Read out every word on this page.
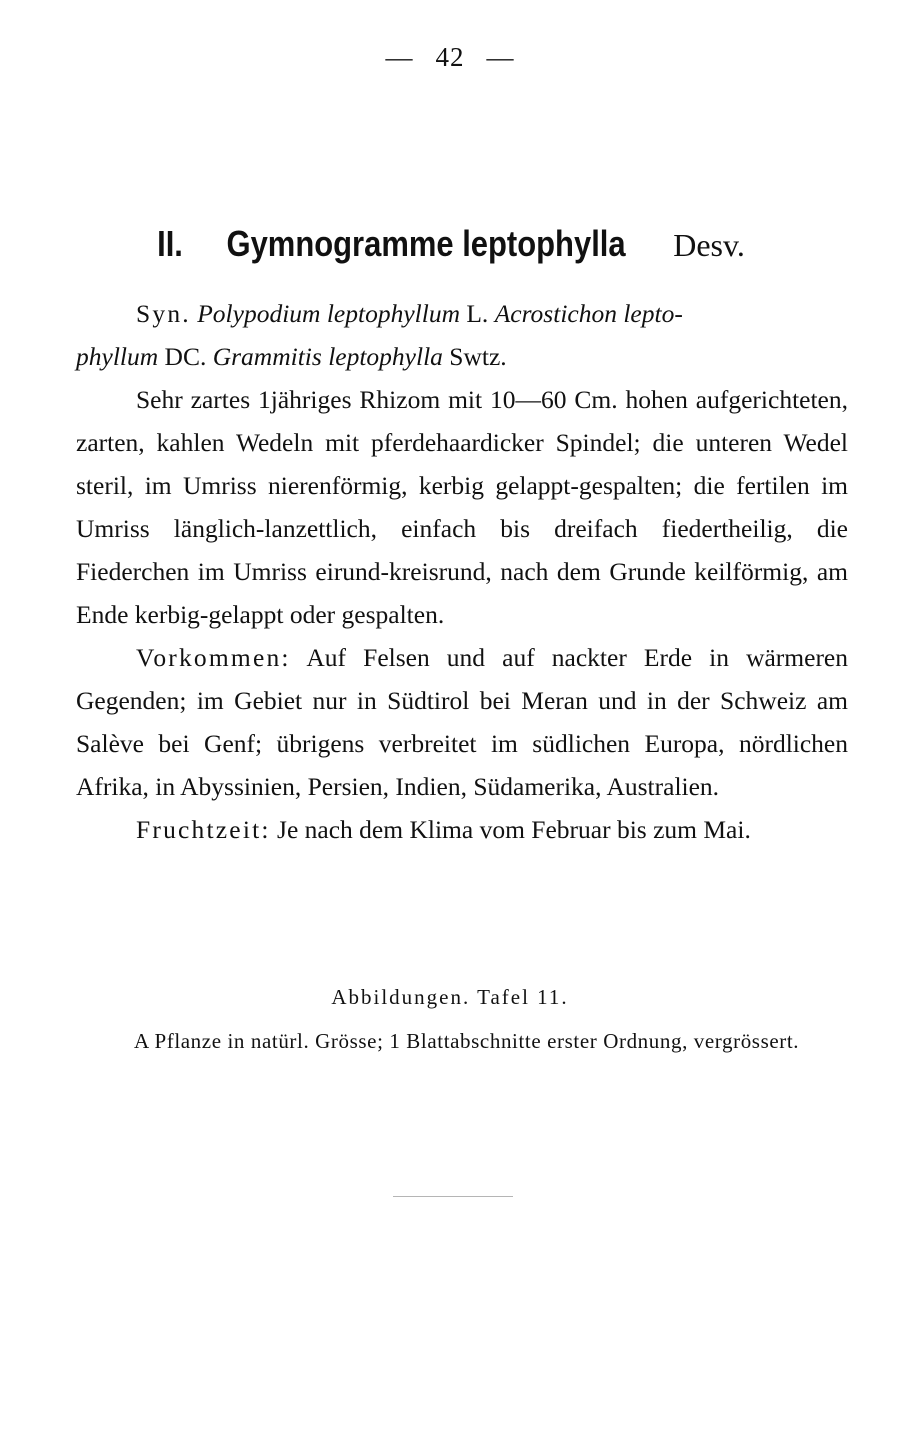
— 42 —
II. Gymnogramme leptophylla Desv.

Syn. Polypodium leptophyllum L. Acrostichon lepto-
phyllum DC. Grammitis leptophylla Swtz.

Sehr zartes 1jähriges Rhizom mit 10—60 Cm. hohen aufgerichteten, zarten, kahlen Wedeln mit pferdehaardicker Spindel; die unteren Wedel steril, im Umriss nierenförmig, kerbig gelappt-gespalten; die fertilen im Umriss länglich-lanzettlich, einfach bis dreifach fiedertheilig, die Fiederchen im Umriss eirund-kreisrund, nach dem Grunde keilförmig, am Ende kerbig-gelappt oder gespalten.

Vorkommen: Auf Felsen und auf nackter Erde in wärmeren Gegenden; im Gebiet nur in Südtirol bei Meran und in der Schweiz am Salève bei Genf; übrigens verbreitet im südlichen Europa, nördlichen Afrika, in Abyssinien, Persien, Indien, Südamerika, Australien.

Fruchtzeit: Je nach dem Klima vom Februar bis zum Mai.

Abbildungen. Tafel 11.
A Pflanze in natürl. Grösse; 1 Blattabschnitte erster Ordnung, vergrössert.
